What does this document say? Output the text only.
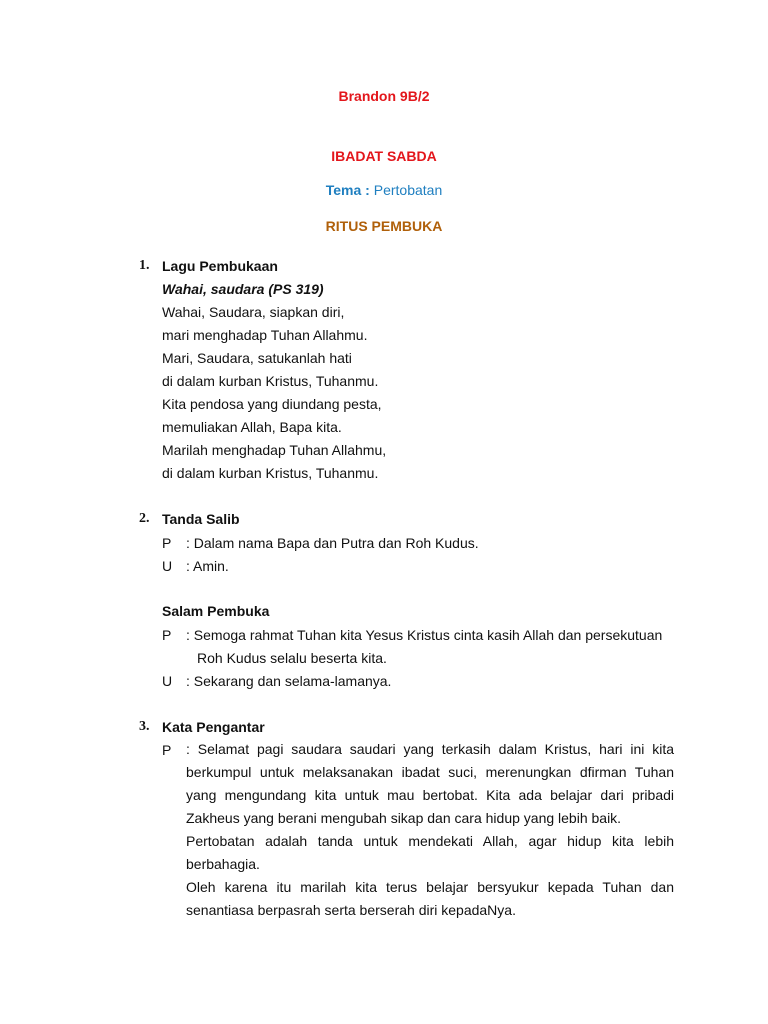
Brandon 9B/2
IBADAT SABDA
Tema : Pertobatan
RITUS PEMBUKA
1. Lagu Pembukaan
Wahai, saudara (PS 319)
Wahai, Saudara, siapkan diri,
mari menghadap Tuhan Allahmu.
Mari, Saudara, satukanlah hati
di dalam kurban Kristus, Tuhanmu.
Kita pendosa yang diundang pesta,
memuliakan Allah, Bapa kita.
Marilah menghadap Tuhan Allahmu,
di dalam kurban Kristus, Tuhanmu.
2. Tanda Salib
P : Dalam nama Bapa dan Putra dan Roh Kudus.
U : Amin.
Salam Pembuka
P : Semoga rahmat Tuhan kita Yesus Kristus cinta kasih Allah dan persekutuan
Roh Kudus selalu beserta kita.
U : Sekarang dan selama-lamanya.
3. Kata Pengantar
P : Selamat pagi saudara saudari yang terkasih dalam Kristus, hari ini kita berkumpul untuk melaksanakan ibadat suci, merenungkan dfirman Tuhan yang mengundang kita untuk mau bertobat. Kita ada belajar dari pribadi Zakheus yang berani mengubah sikap dan cara hidup yang lebih baik.
Pertobatan adalah tanda untuk mendekati Allah, agar hidup kita lebih berbahagia.
Oleh karena itu marilah kita terus belajar bersyukur kepada Tuhan dan senantiasa berpasrah serta berserah diri kepadaNya.
